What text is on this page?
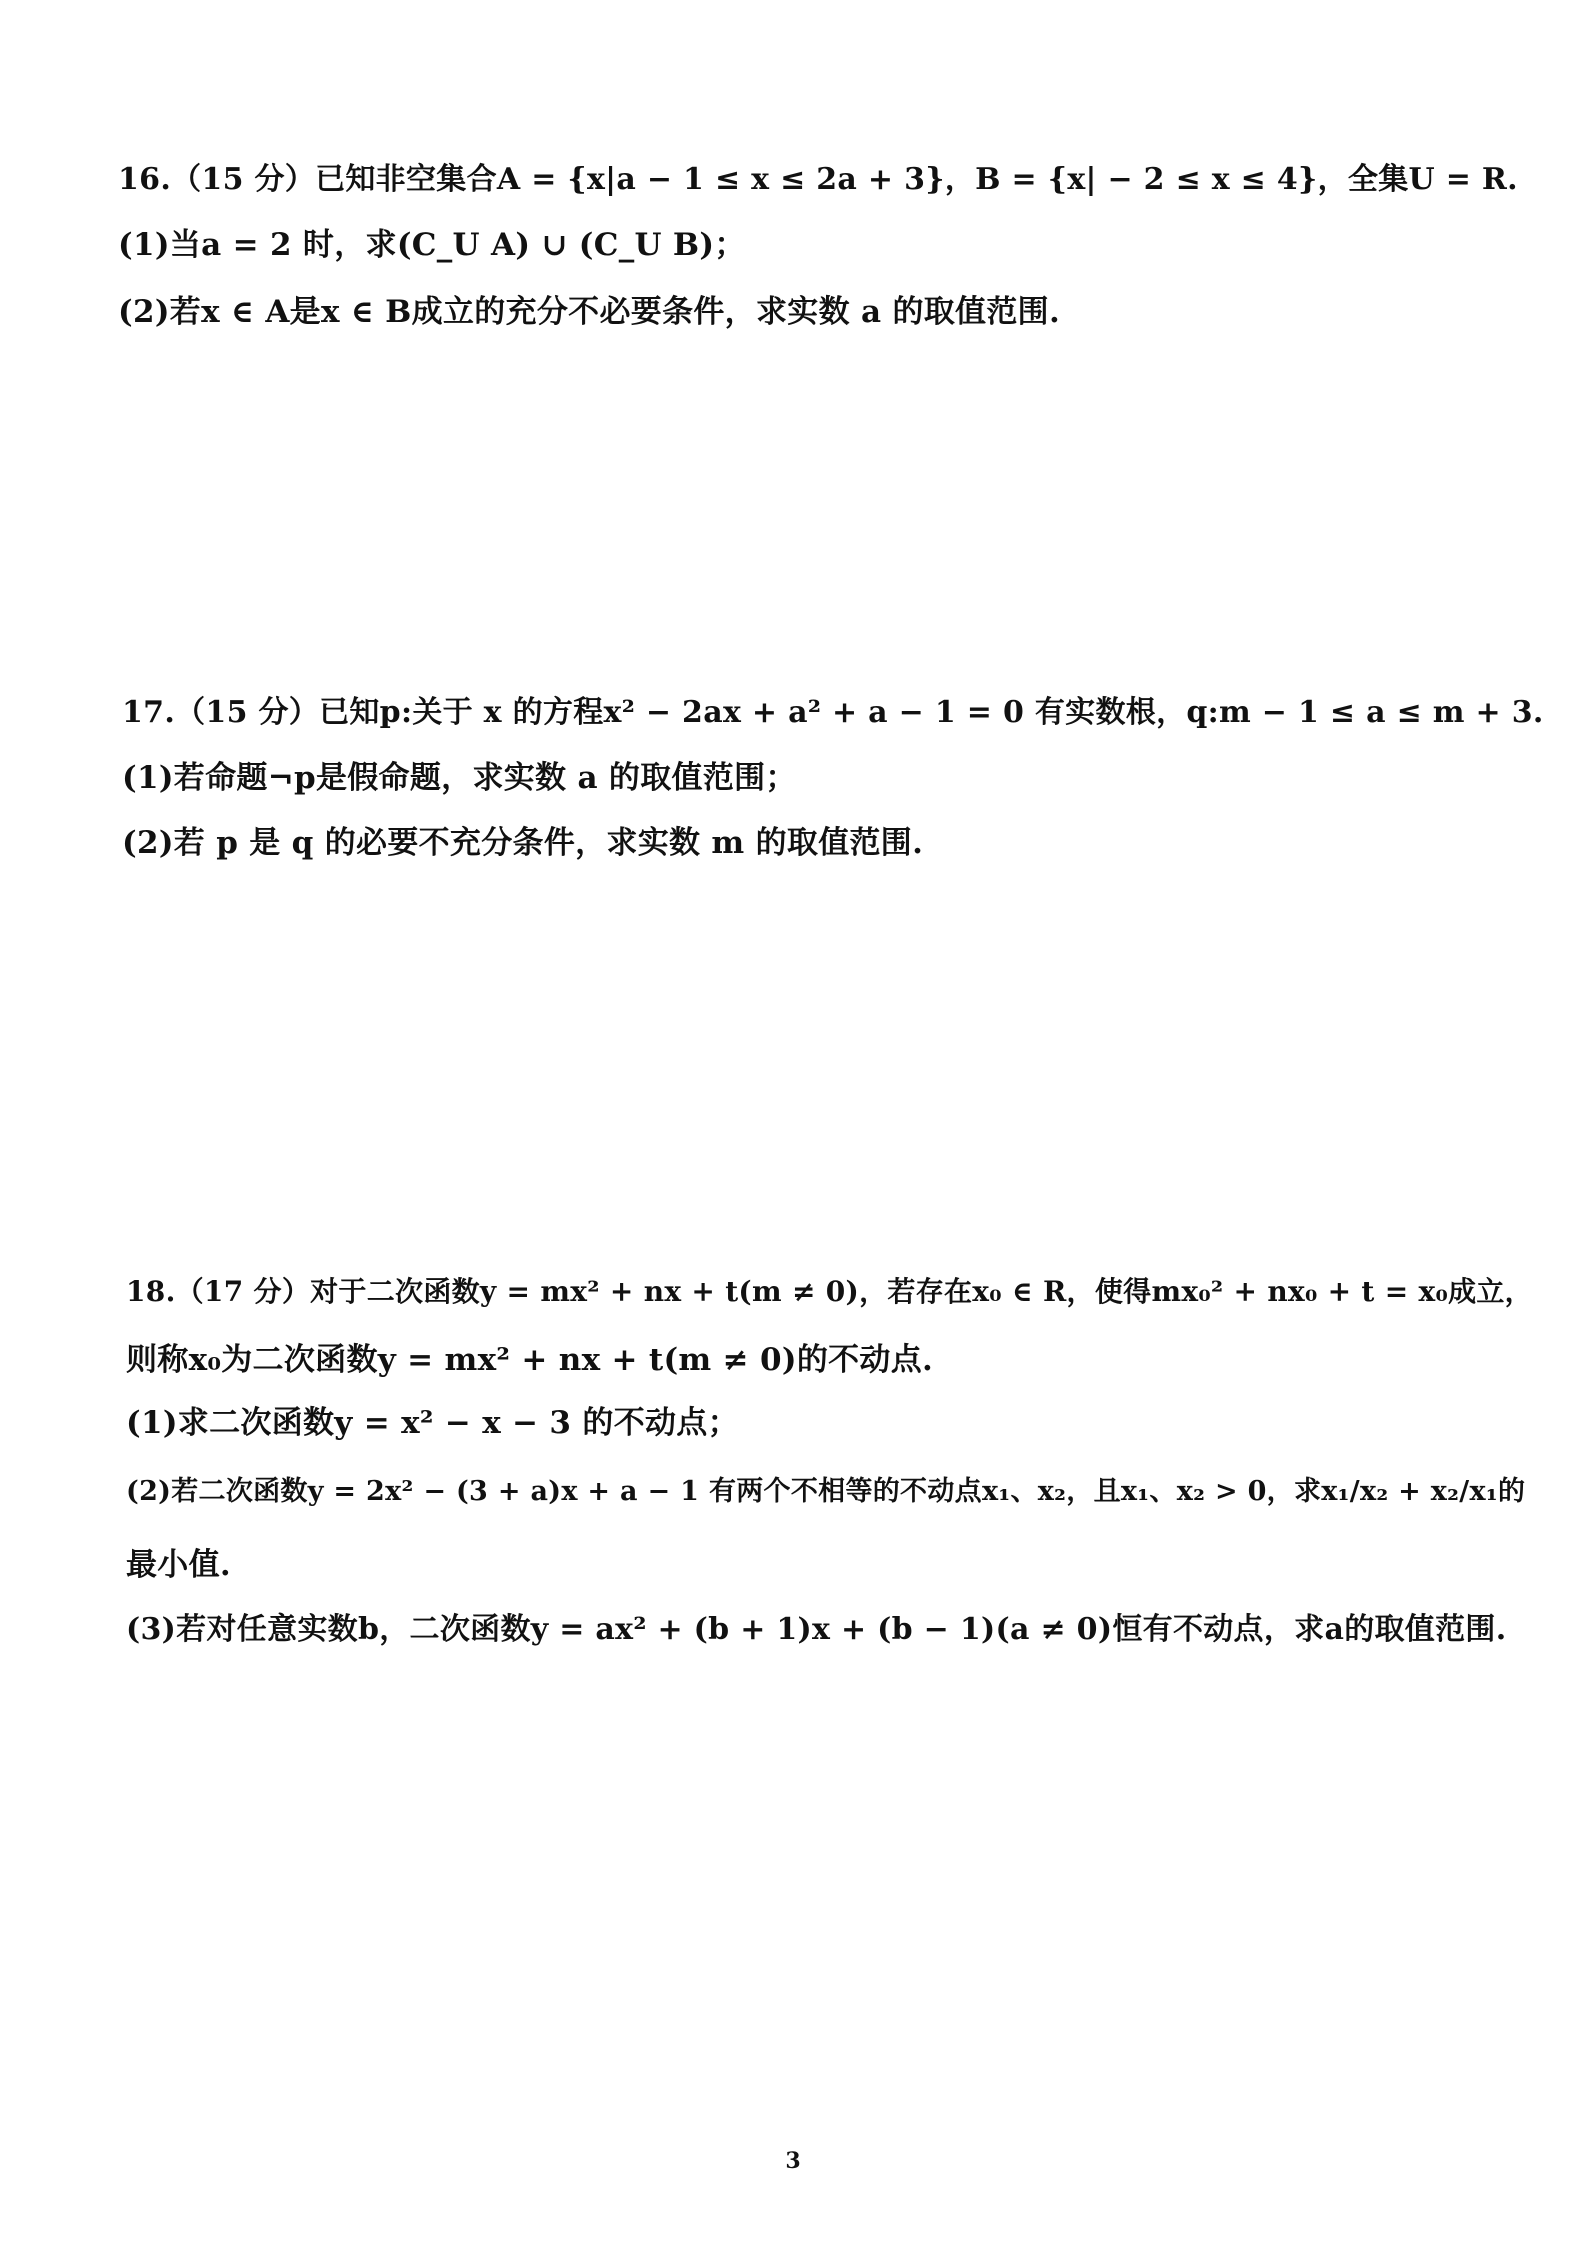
16.（15 分）已知非空集合A = {x|a − 1 ≤ x ≤ 2a + 3}，B = {x| − 2 ≤ x ≤ 4}，全集U = R.
(1)当a = 2 时，求(C_U A) ∪ (C_U B)；
(2)若x ∈ A是x ∈ B成立的充分不必要条件，求实数 a 的取值范围.
17.（15 分）已知p:关于 x 的方程x² − 2ax + a² + a − 1 = 0 有实数根，q:m − 1 ≤ a ≤ m + 3.
(1)若命题¬p是假命题，求实数 a 的取值范围；
(2)若 p 是 q 的必要不充分条件，求实数 m 的取值范围.
18.（17 分）对于二次函数y = mx² + nx + t(m ≠ 0)，若存在x₀ ∈ R，使得mx₀² + nx₀ + t = x₀成立，
则称x₀为二次函数y = mx² + nx + t(m ≠ 0)的不动点.
(1)求二次函数y = x² − x − 3 的不动点；
(2)若二次函数y = 2x² − (3 + a)x + a − 1 有两个不相等的不动点x₁、x₂，且x₁、x₂ > 0，求x₁/x₂ + x₂/x₁的
最小值.
(3)若对任意实数b，二次函数y = ax² + (b + 1)x + (b − 1)(a ≠ 0)恒有不动点，求a的取值范围.
3
